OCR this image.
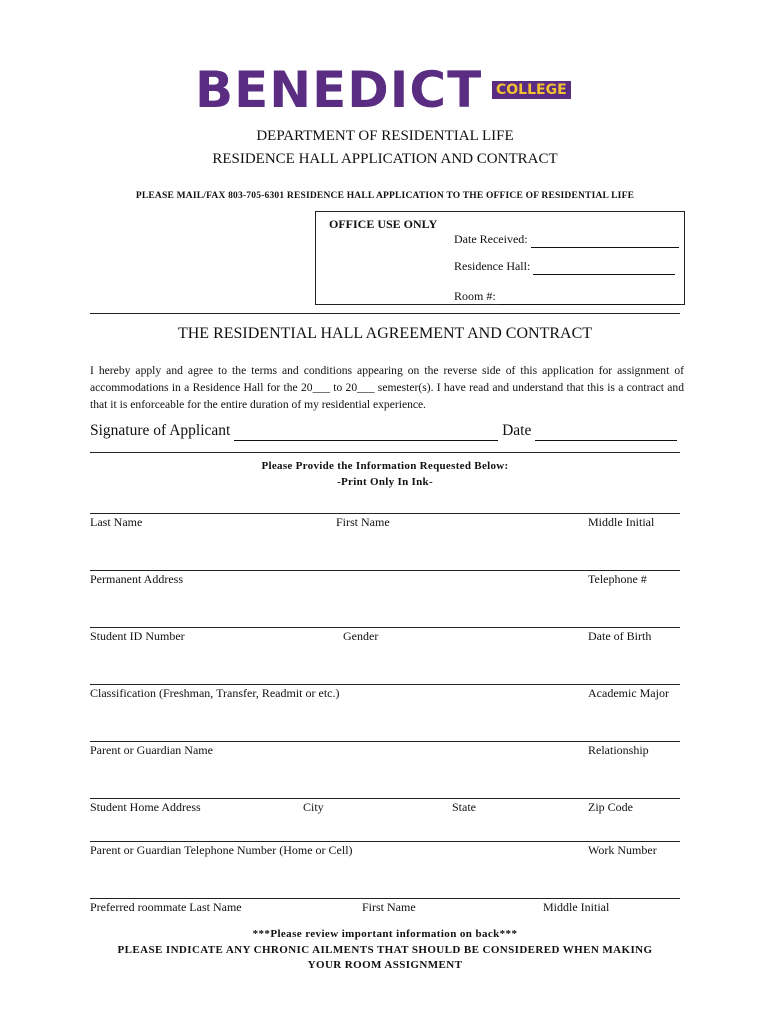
BENEDICT COLLEGE
DEPARTMENT OF RESIDENTIAL LIFE
RESIDENCE HALL APPLICATION AND CONTRACT
PLEASE MAIL/FAX 803-705-6301 RESIDENCE HALL APPLICATION TO THE OFFICE OF RESIDENTIAL LIFE
OFFICE USE ONLY
Date Received:
Residence Hall:
Room #:
THE RESIDENTIAL HALL AGREEMENT AND CONTRACT
I hereby apply and agree to the terms and conditions appearing on the reverse side of this application for assignment of accommodations in a Residence Hall for the 20___ to 20___ semester(s). I have read and understand that this is a contract and that it is enforceable for the entire duration of my residential experience.
Signature of Applicant	Date
Please Provide the Information Requested Below:
-Print Only In Ink-
Last Name	First Name	Middle Initial
Permanent Address	Telephone #
Student ID Number	Gender	Date of Birth
Classification (Freshman, Transfer, Readmit or etc.)	Academic Major
Parent or Guardian Name	Relationship
Student Home Address	City	State	Zip Code
Parent or Guardian Telephone Number (Home or Cell)	Work Number
Preferred roommate Last Name	First Name	Middle Initial
***Please review important information on back***
PLEASE INDICATE ANY CHRONIC AILMENTS THAT SHOULD BE CONSIDERED WHEN MAKING
YOUR ROOM ASSIGNMENT
